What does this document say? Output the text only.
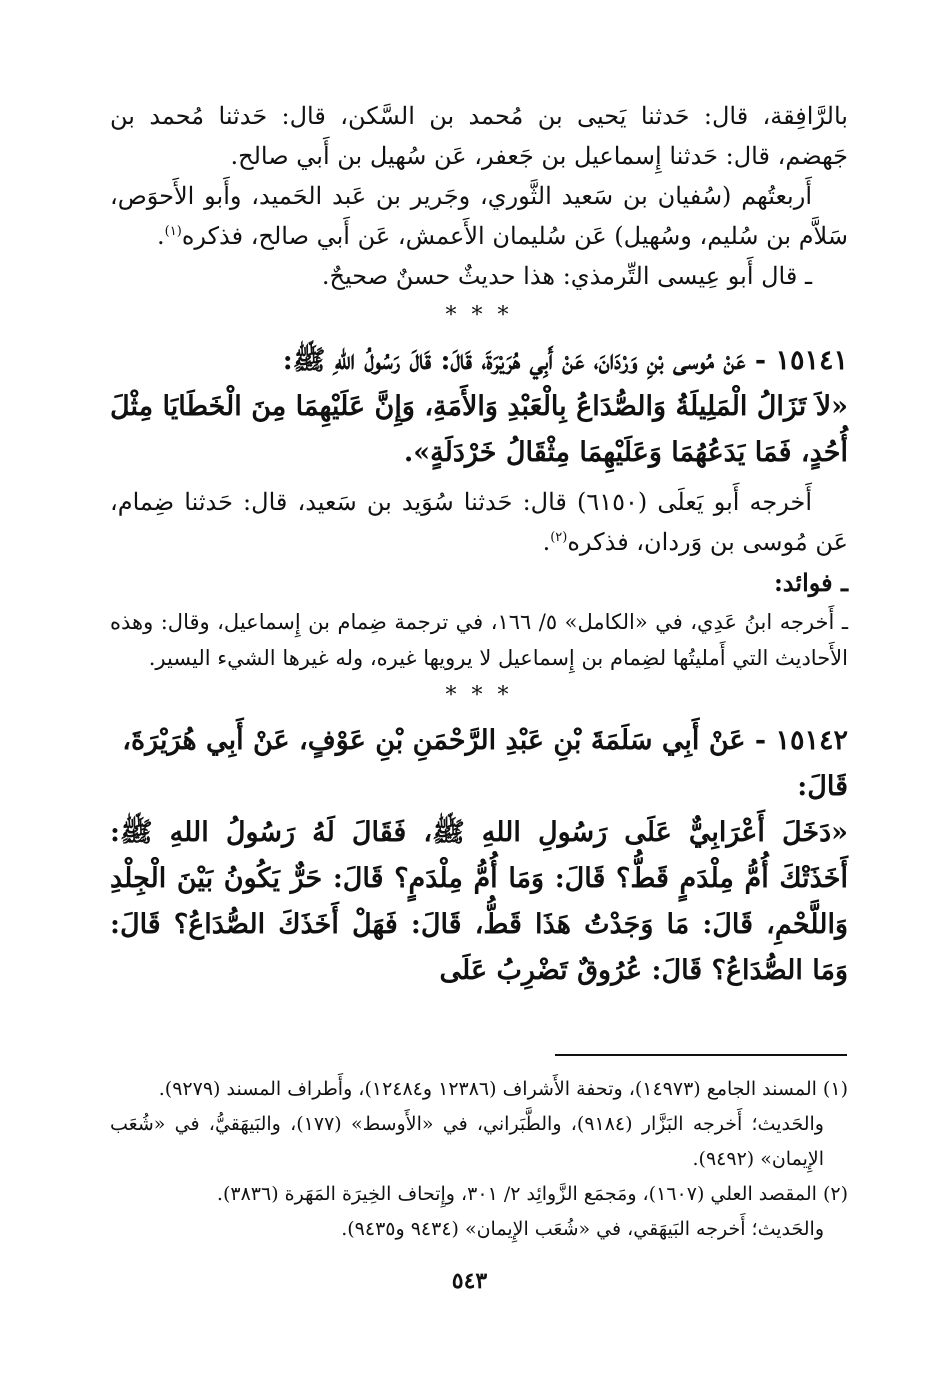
بالرَّافِقة، قال: حَدثنا يَحيى بن مُحمد بن السَّكن، قال: حَدثنا مُحمد بن جَهضم، قال: حَدثنا إِسماعيل بن جَعفر، عَن سُهيل بن أَبي صالح.

أَربعتُهم (سُفيان بن سَعيد الثَّوري، وجَرير بن عَبد الحَميد، وأَبو الأَحوَص، سَلاَّم بن سُليم، وسُهيل) عَن سُليمان الأَعمش، عَن أَبي صالح، فذكره$^{(١)}$.

ـ قال أَبو عِيسى التِّرمذي: هذا حديثٌ حسنٌ صحيحٌ.

* * *

١٥١٤١ - عَنْ مُوسى بْنِ وَرْدَانَ، عَنْ أَبِي هُرَيْرَةَ، قَالَ: قَالَ رَسُولُ اللهِ ﷺ:

«لاَ تَزَالُ الْمَلِيلَةُ وَالصُّدَاعُ بِالْعَبْدِ وَالأَمَةِ، وَإِنَّ عَلَيْهِمَا مِنَ الْخَطَايَا مِثْلَ أُحُدٍ، فَمَا يَدَعُهُمَا وَعَلَيْهِمَا مِثْقَالُ خَرْدَلَةٍ».

أَخرجه أَبو يَعلَى (٦١٥٠) قال: حَدثنا سُوَيد بن سَعيد، قال: حَدثنا ضِمام، عَن مُوسى بن وَردان، فذكره$^{(٢)}$.

ـ فوائد:

ـ أَخرجه ابنُ عَدِي، في «الكامل» ٥/ ١٦٦، في ترجمة ضِمام بن إِسماعيل، وقال: وهذه الأَحاديث التي أَمليتُها لضِمام بن إِسماعيل لا يرويها غيره، وله غيرها الشيء اليسير.

* * *

١٥١٤٢ - عَنْ أَبِي سَلَمَةَ بْنِ عَبْدِ الرَّحْمَنِ بْنِ عَوْفٍ، عَنْ أَبِي هُرَيْرَةَ، قَالَ:

«دَخَلَ أَعْرَابِيٌّ عَلَى رَسُولِ اللهِ ﷺ، فَقَالَ لَهُ رَسُولُ اللهِ ﷺ: أَخَذَتْكَ أُمُّ مِلْدَمٍ قَطُّ؟ قَالَ: وَمَا أُمُّ مِلْدَمٍ؟ قَالَ: حَرٌّ يَكُونُ بَيْنَ الْجِلْدِ وَاللَّحْمِ، قَالَ: مَا وَجَدْتُ هَذَا قَطُّ، قَالَ: فَهَلْ أَخَذَكَ الصُّدَاعُ؟ قَالَ: وَمَا الصُّدَاعُ؟ قَالَ: عُرُوقٌ تَضْرِبُ عَلَى

(١) المسند الجامع (١٤٩٧٣)، وتحفة الأَشراف (١٢٣٨٦ و١٢٤٨٤)، وأَطراف المسند (٩٢٧٩).

والحَديث؛ أَخرجه البَزَّار (٩١٨٤)، والطَّبَراني، في «الأَوسط» (١٧٧)، والبَيهَقيُّ، في «شُعَب الإِيمان» (٩٤٩٢).

(٢) المقصد العلي (١٦٠٧)، ومَجمَع الزَّوائِد ٢/ ٣٠١، وإِتحاف الخِيرَة المَهَرة (٣٨٣٦).

والحَديث؛ أَخرجه البَيهَقي، في «شُعَب الإِيمان» (٩٤٣٤ و٩٤٣٥).

٥٤٣
